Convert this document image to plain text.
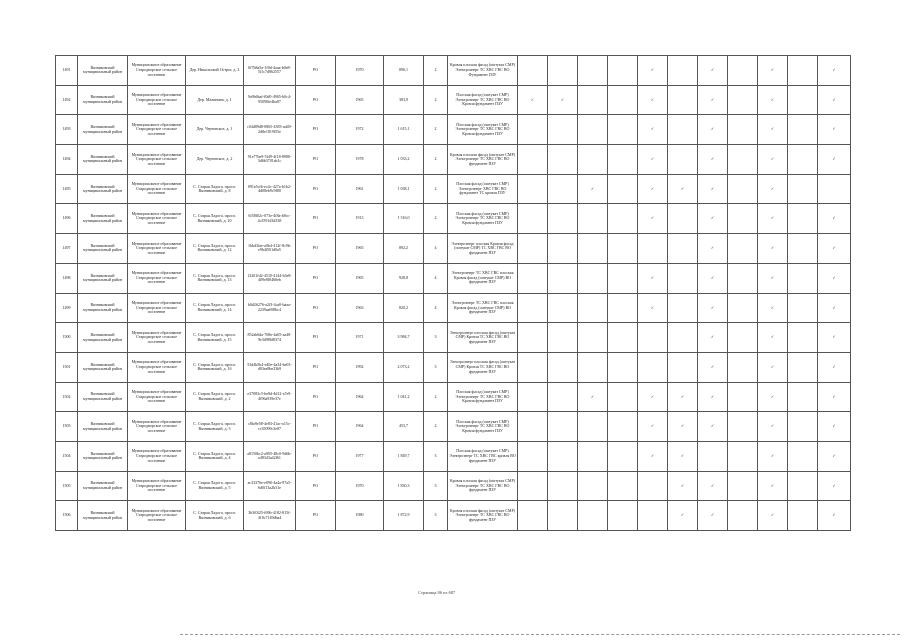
1491	Вязниковский муниципальный район	Муниципальное образование Стародворское сельское поселение	Дер. Никольский Острог, д. 2	0f7b8a5a-1f0d-4aaa-b0e8-5f1c7d862557	РО	1970	896,1	2	Кровля плоская фасад (оштукат СМР) Электроэнерг ТС ХВС ГВС ВО Фундамент ПЗУ					✓		✓		✓		✓
1492	Вязниковский муниципальный район	Муниципальное образование Стародворское сельское поселение	Дер. Малинина, д. 1	9a9b6baf-f0d0-4965-b0c4-95090fe4ba07	РО	1965	383,9	2	Плоская фасад (оштукат СМР) Электроэнерг ТС ХВС ГВС ВО Кровля фундамент ПЗУ	✓	✓			✓		✓		✓		✓
1493	Вязниковский муниципальный район	Муниципальное образование Стародворское сельское поселение	Дер. Чертовское, д. 1	c04d89d8-0865-4383-ad49-2d8e1819f55e	РО	1972	1 615,1	2	Плоская фасад (оштукат СМР) Электроэнерг ТС ХВС ГВС ВО Кровля фундамент ПЗУ					✓		✓		✓		✓
1494	Вязниковский муниципальный район	Муниципальное образование Стародворское сельское поселение	Дер. Чертовское, д. 2	91e77be9-5f49-4f18-8980-3d6b3701ab1c	РО	1978	1 033,2	2	Кровля плоская фасад (оштукат СМР) Электроэнерг ТС ХВС ГВС ВО фундамент ПЗУ					✓		✓		✓		✓
1495	Вязниковский муниципальный район	Муниципальное образование Стародворское сельское поселение	С. Старая Ладога, просп. Вязниковский, д. 8	091e5cfb-ec4c-427a-b1b2-4d08eb9c9f80	РО	1961	1 038,1	2	Плоская фасад (оштукат СМР) Электроэнерг ХВС ГВС ВО фундамент ТС кровля ПЗУ			✓		✓	✓	✓		✓		
1496	Вязниковский муниципальный район	Муниципальное образование Стародворское сельское поселение	С. Старая Ладога, просп. Вязниковский, д. 10	6f58f02c-073e-4f8a-b8cc-4c3591d3d338	РО	1913	1 316,0	2	Плоская фасад (оштукат СМР) Электроэнерг ТС ХВС ГВС ВО Кровля фундамент ПЗУ					✓		✓		✓		✓
1497	Вязниковский муниципальный район	Муниципальное образование Стародворское сельское поселение	С. Старая Ладога, просп. Вязниковский, д. 12	1bbd3fae-a0b4-412f-8c9b-e9b4f501d0a5	РО	1965	892,2	4	Электроэнерг плоская Кровля фасад (оштукат СМР) ТС ХВС ГВС ВО фундамент ПЗУ							✓		✓		✓
1498	Вязниковский муниципальный район	Муниципальное образование Стародворское сельское поселение	С. Старая Ладога, просп. Вязниковский, д. 13	13201fd2-4510-4144-b5e8-409e8f0466eb	РО	1965	928,8	4	Электроэнерг ТС ХВС ГВС плоская Кровля фасад (оштукат СМР) ВО фундамент ПЗУ					✓		✓		✓		✓
1499	Вязниковский муниципальный район	Муниципальное образование Стародворское сельское поселение	С. Старая Ладога, просп. Вязниковский, д. 14	b0d26276-a2f3-4ca0-baaa-2239aa698bc4	РО	1963	820,2	4	Электроэнерг ТС ХВС ГВС плоская Кровля фасад (оштукат СМР) ВО фундамент ПЗУ					✓		✓		✓		✓
1500	Вязниковский муниципальный район	Муниципальное образование Стародворское сельское поселение	С. Старая Ладога, просп. Вязниковский, д. 15	852ab6da-768e-4a05-aa40-9e3d986f8374	РО	1971	3 984,7	3	Электроэнерг плоская фасад (оштукат СМР) Кровля ТС ХВС ГВС ВО фундамент ПЗУ							✓		✓		✓
1501	Вязниковский муниципальный район	Муниципальное образование Стародворское сельское поселение	С. Старая Ладога, просп. Вязниковский, д. 16	53d4b5b4-e40e-4a34-be03-d03ea9be23b9	РО	1992	2 073,2	3	Электроэнерг плоская фасад (оштукат СМР) Кровля ТС ХВС ГВС ВО фундамент ПЗУ							✓		✓		✓
1502	Вязниковский муниципальный район	Муниципальное образование Стародворское сельское поселение	С. Старая Ладога, просп. Вязниковский, д. 2	e37083c5-be8d-4d12-a7e9-4f96a939e37e	РО	1964	1 041,2	2	Плоская фасад (оштукат СМР) Электроэнерг ТС ХВС ГВС ВО Кровля фундамент ПЗУ			✓		✓	✓	✓		✓		✓
1503	Вязниковский муниципальный район	Муниципальное образование Стародворское сельское поселение	С. Старая Ладога, просп. Вязниковский, д. 3	c8fa9e58-4e83-41ac-a15c-cc35099c3e87	РО	1964	453,7	2	Плоская фасад (оштукат СМР) Электроэнерг ТС ХВС ГВС ВО Кровля фундамент ПЗУ					✓	✓	✓		✓		✓
1504	Вязниковский муниципальный район	Муниципальное образование Стародворское сельское поселение	С. Старая Ладога, просп. Вязниковский, д. 4	a8150bc2-a905-48c0-9d6b-a48343a42f61	РО	1977	1 849,7	3	Плоская фасад (оштукат СМР) Электроэнерг ТС ХВС ГВС кровля ВО фундамент ПЗУ					✓	✓			✓		✓
1505	Вязниковский муниципальный район	Муниципальное образование Стародворское сельское поселение	С. Старая Ладога, просп. Вязниковский, д. 5	ac33376e-e090-4a4a-97a5-6d0f13a2b31e	РО	1970	1 830,3	3	Кровля плоская фасад (оштукат СМР) Электроэнерг ТС ХВС ГВС ВО фундамент ПЗУ						✓	✓		✓		✓
1506	Вязниковский муниципальный район	Муниципальное образование Стародворское сельское поселение	С. Старая Ладога, просп. Вязниковский, д. 6	3b3f0f25-f69b-4182-815f-418c7149dba4	РО	1980	1 872,9	3	Кровля плоская фасад (оштукат СМР) Электроэнерг ТС ХВС ГВС ВО фундамент ПЗУ						✓	✓		✓		✓
Страница 86 из 687
